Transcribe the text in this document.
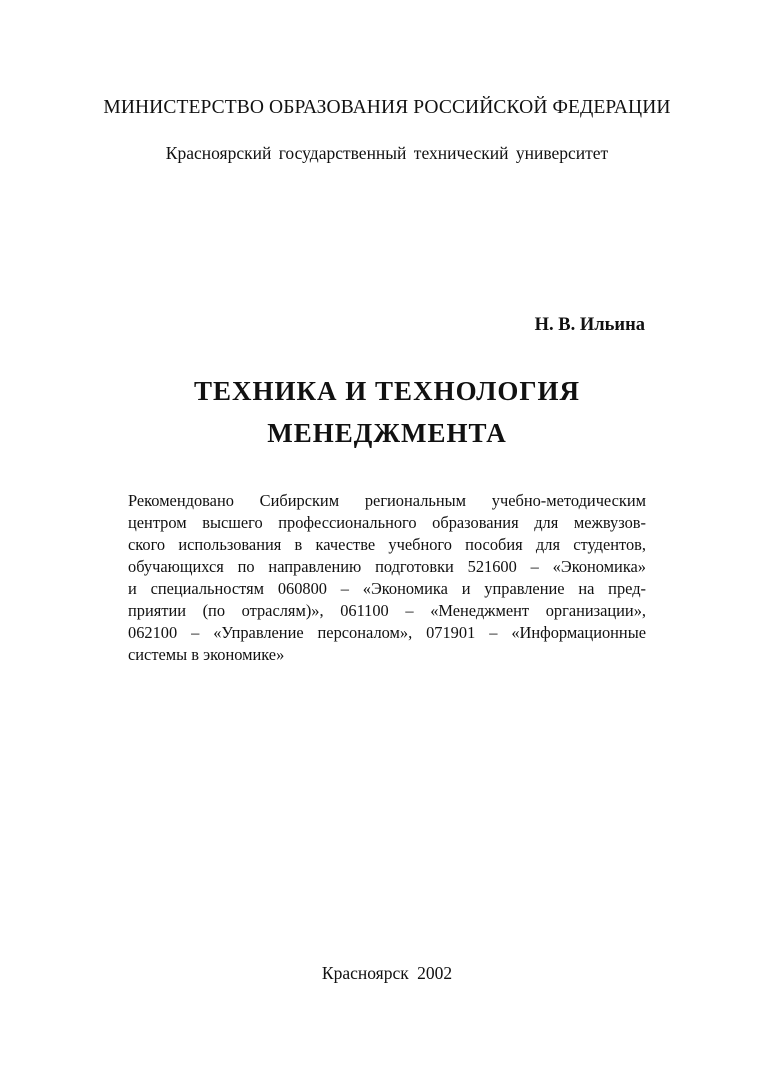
МИНИСТЕРСТВО ОБРАЗОВАНИЯ РОССИЙСКОЙ ФЕДЕРАЦИИ
Красноярский государственный технический университет
Н. В. Ильина
ТЕХНИКА И ТЕХНОЛОГИЯ
МЕНЕДЖМЕНТА
Рекомендовано Сибирским региональным учебно-методическим
центром высшего профессионального образования для межвузов-
ского использования в качестве учебного пособия для студентов,
обучающихся по направлению подготовки 521600 – «Экономика»
и специальностям 060800 – «Экономика и управление на пред-
приятии (по отраслям)», 061100 – «Менеджмент организации»,
062100 – «Управление персоналом», 071901 – «Информационные
системы в экономике»
Красноярск 2002
